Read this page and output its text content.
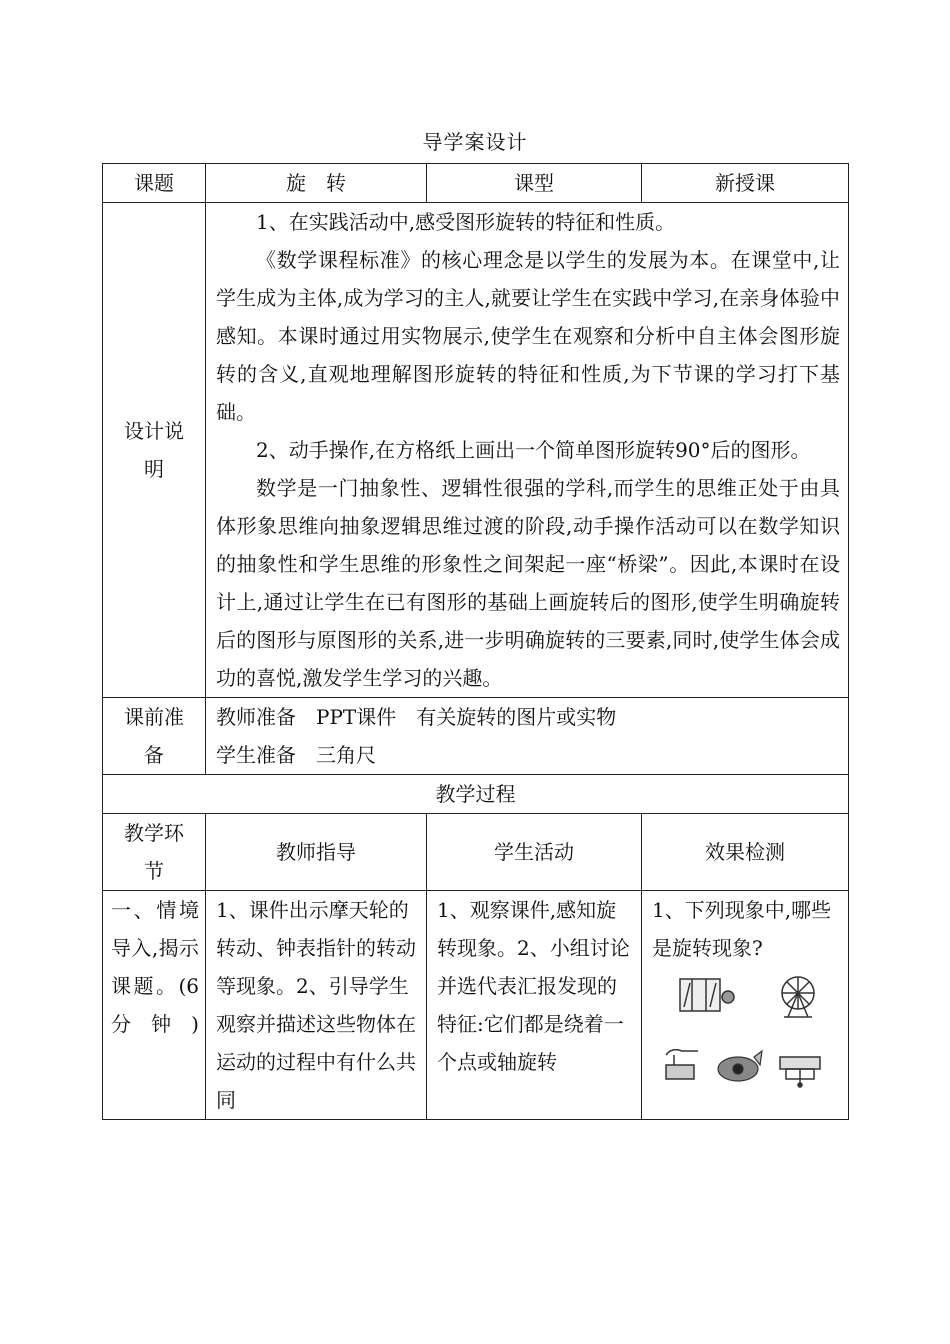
导学案设计
课题	旋　转	课型	新授课
设计说明	1、在实践活动中,感受图形旋转的特征和性质。

《数学课程标准》的核心理念是以学生的发展为本。在课堂中,让学生成为主体,成为学习的主人,就要让学生在实践中学习,在亲身体验中感知。本课时通过用实物展示,使学生在观察和分析中自主体会图形旋转的含义,直观地理解图形旋转的特征和性质,为下节课的学习打下基础。

2、动手操作,在方格纸上画出一个简单图形旋转90°后的图形。

数学是一门抽象性、逻辑性很强的学科,而学生的思维正处于由具体形象思维向抽象逻辑思维过渡的阶段,动手操作活动可以在数学知识的抽象性和学生思维的形象性之间架起一座“桥梁”。因此,本课时在设计上,通过让学生在已有图形的基础上画旋转后的图形,使学生明确旋转后的图形与原图形的关系,进一步明确旋转的三要素,同时,使学生体会成功的喜悦,激发学生学习的兴趣。		

课前准备	教师准备　PPT课件　有关旋转的图片或实物
学生准备　三角尺		

教学过程			
教学环节	教师指导	学生活动	效果检测

一、情境导入,揭示课题。(6分钟)	1、课件出示摩天轮的转动、钟表指针的转动等现象。2、引导学生观察并描述这些物体在运动的过程中有什么共同	1、观察课件,感知旋转现象。2、小组讨论并选代表汇报发现的特征:它们都是绕着一个点或轴旋转	1、下列现象中,哪些是旋转现象?
